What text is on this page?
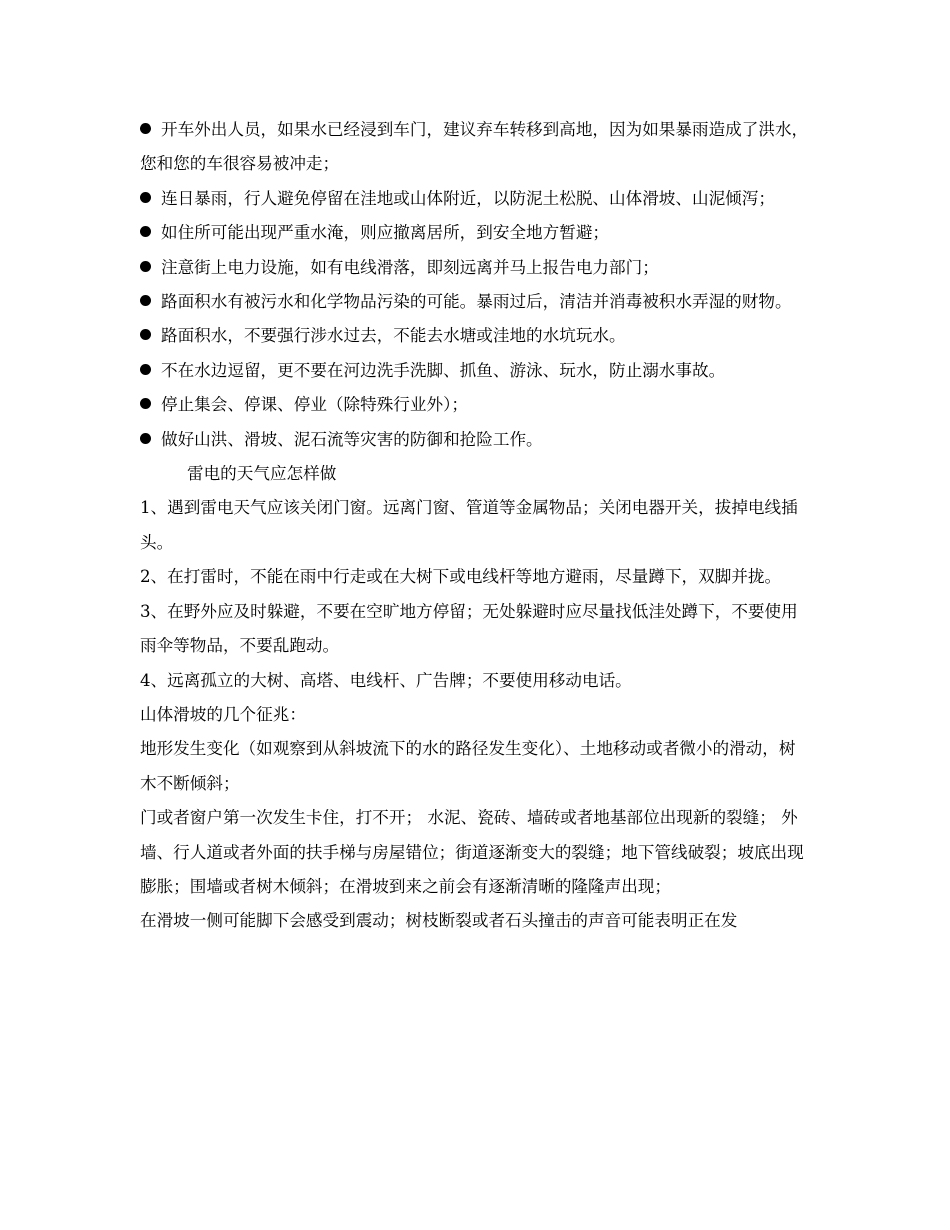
开车外出人员，如果水已经浸到车门，建议弃车转移到高地，因为如果暴雨造成了洪水，您和您的车很容易被冲走；

连日暴雨，行人避免停留在洼地或山体附近，以防泥土松脱、山体滑坡、山泥倾泻；

如住所可能出现严重水淹，则应撤离居所，到安全地方暂避；

注意街上电力设施，如有电线滑落，即刻远离并马上报告电力部门；

路面积水有被污水和化学物品污染的可能。暴雨过后，清洁并消毒被积水弄湿的财物。

路面积水，不要强行涉水过去，不能去水塘或洼地的水坑玩水。

不在水边逗留，更不要在河边洗手洗脚、抓鱼、游泳、玩水，防止溺水事故。

停止集会、停课、停业（除特殊行业外）；

做好山洪、滑坡、泥石流等灾害的防御和抢险工作。

雷电的天气应怎样做

1、遇到雷电天气应该关闭门窗。远离门窗、管道等金属物品；关闭电器开关，拔掉电线插头。

2、在打雷时，不能在雨中行走或在大树下或电线杆等地方避雨，尽量蹲下，双脚并拢。

3、在野外应及时躲避，不要在空旷地方停留；无处躲避时应尽量找低洼处蹲下，不要使用雨伞等物品，不要乱跑动。

4、远离孤立的大树、高塔、电线杆、广告牌；不要使用移动电话。

山体滑坡的几个征兆：

地形发生变化（如观察到从斜坡流下的水的路径发生变化）、土地移动或者微小的滑动，树木不断倾斜；

门或者窗户第一次发生卡住，打不开； 水泥、瓷砖、墙砖或者地基部位出现新的裂缝； 外墙、行人道或者外面的扶手梯与房屋错位；街道逐渐变大的裂缝；地下管线破裂；坡底出现膨胀；围墙或者树木倾斜；在滑坡到来之前会有逐渐清晰的隆隆声出现；

在滑坡一侧可能脚下会感受到震动；树枝断裂或者石头撞击的声音可能表明正在发
